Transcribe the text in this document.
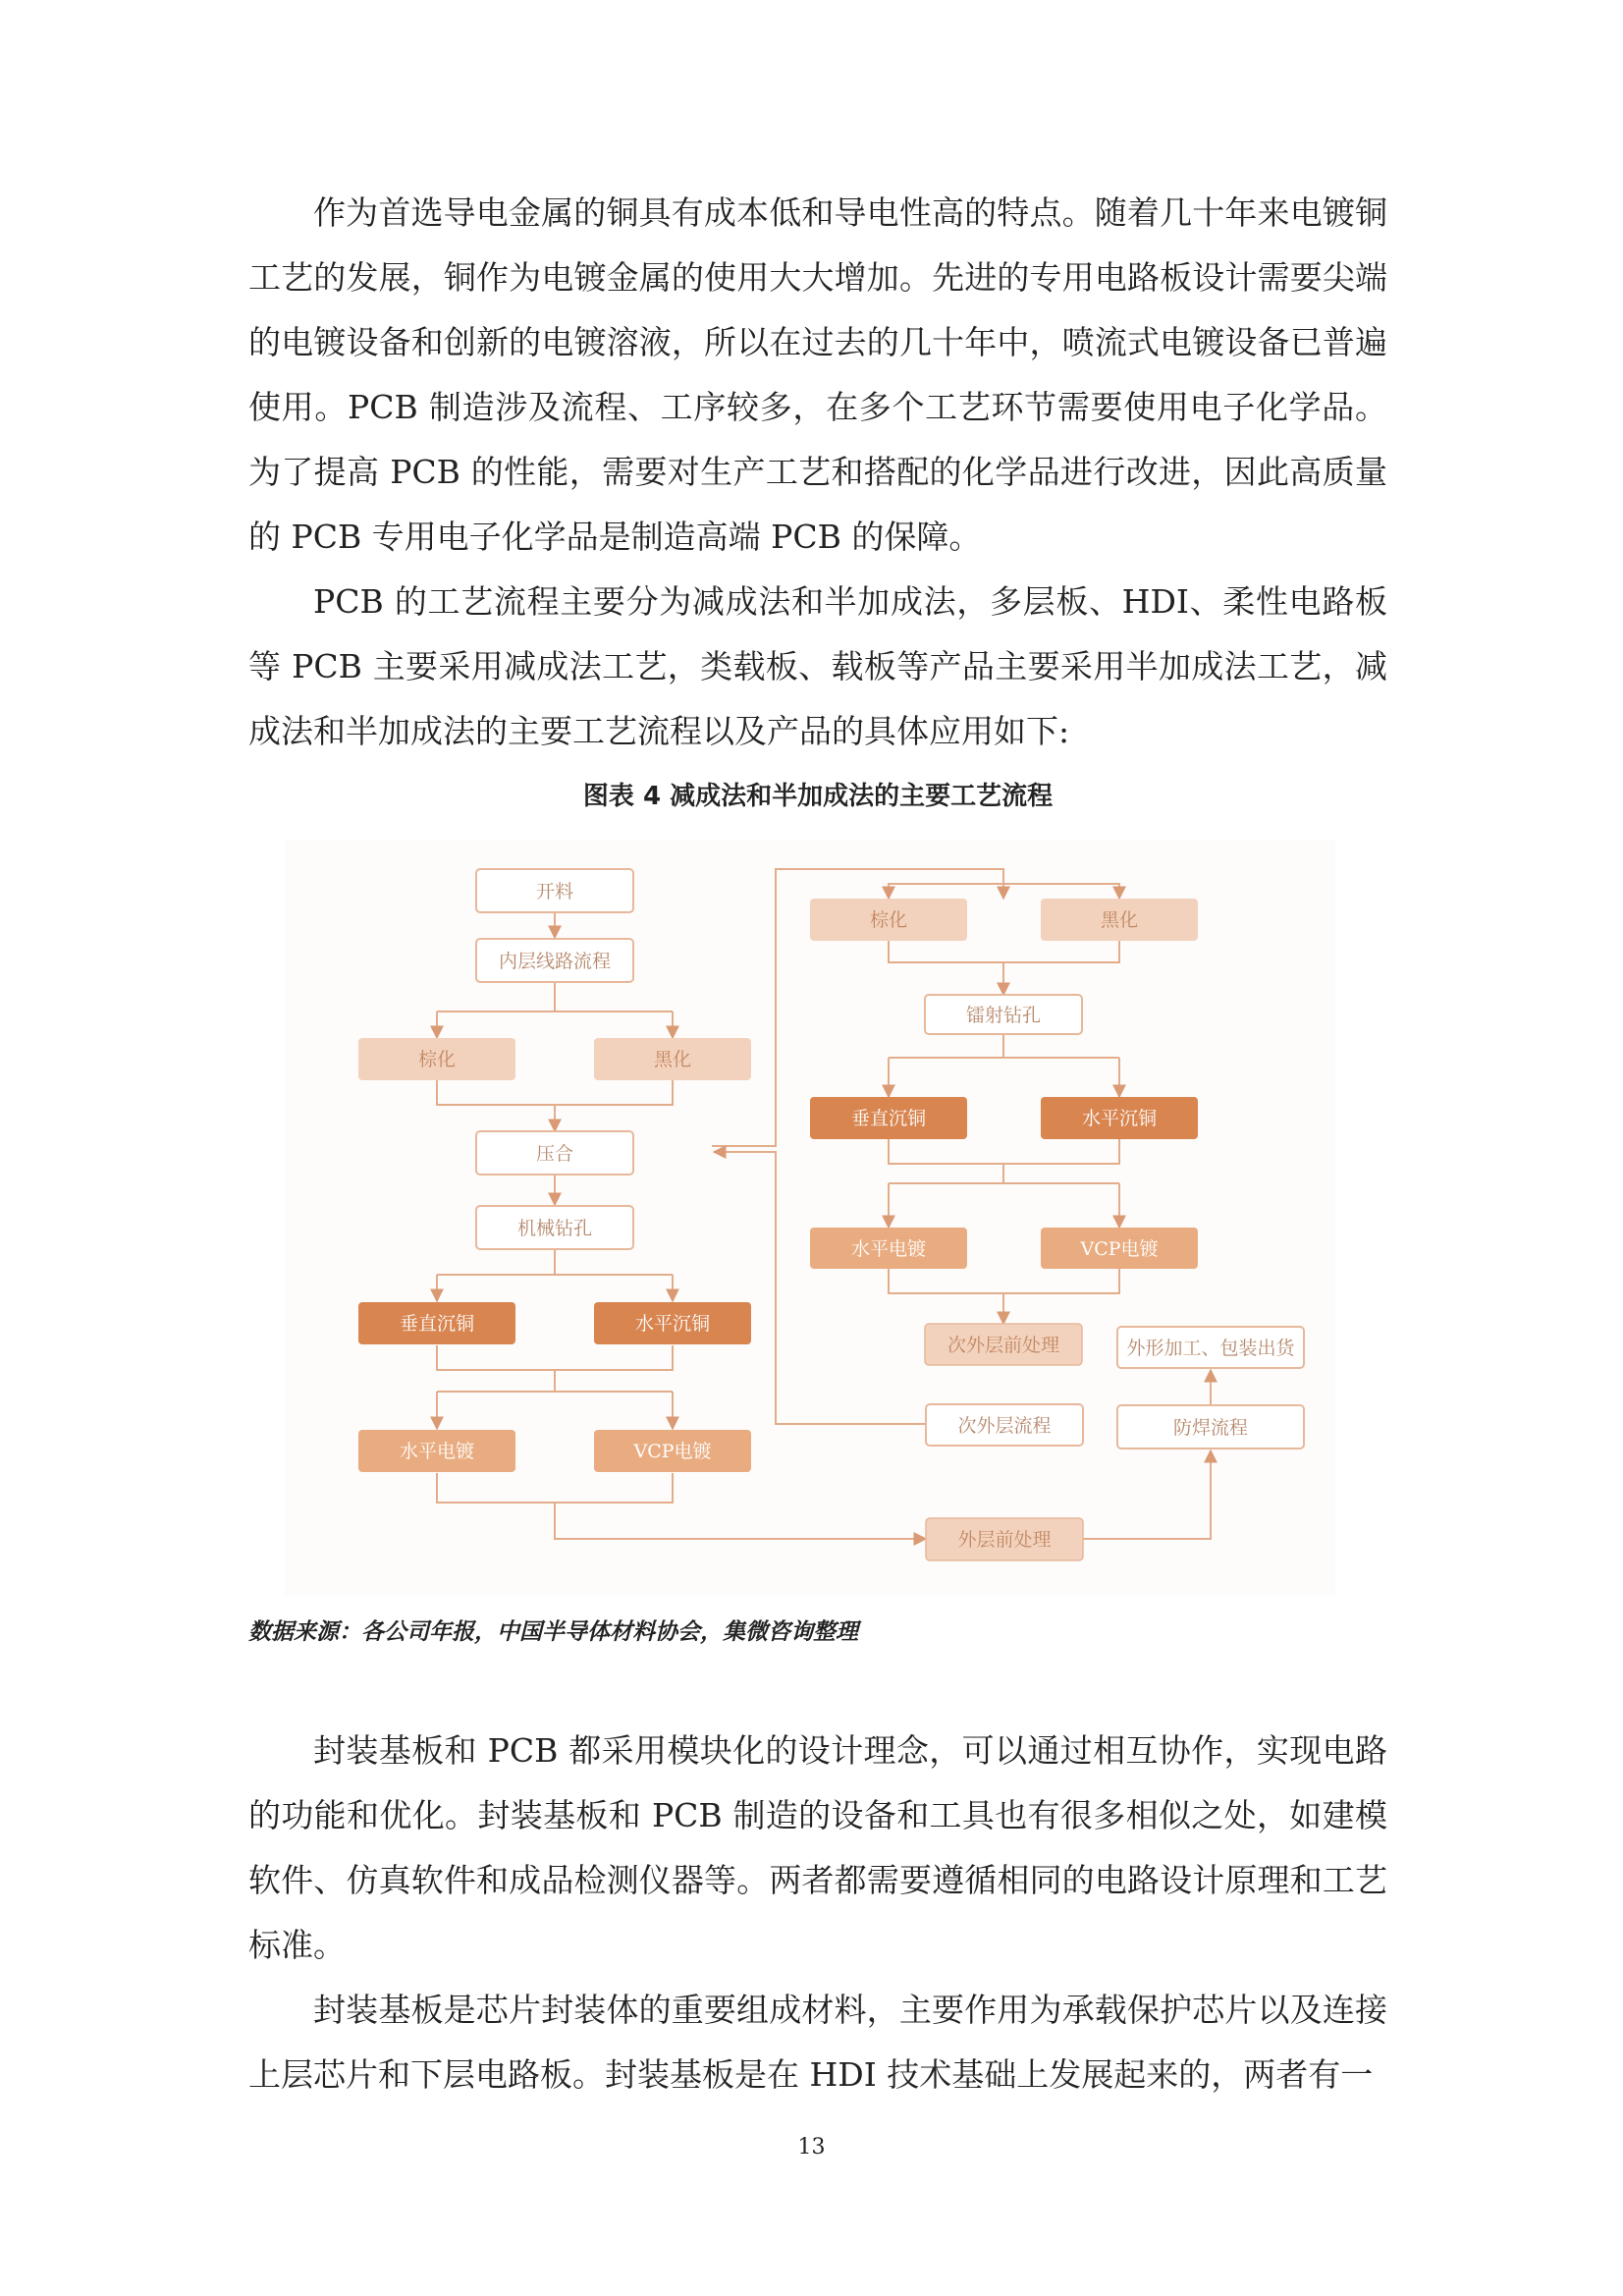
作为首选导电金属的铜具有成本低和导电性高的特点。随着几十年来电镀铜工艺的发展，铜作为电镀金属的使用大大增加。先进的专用电路板设计需要尖端的电镀设备和创新的电镀溶液，所以在过去的几十年中，喷流式电镀设备已普遍使用。PCB 制造涉及流程、工序较多，在多个工艺环节需要使用电子化学品。为了提高 PCB 的性能，需要对生产工艺和搭配的化学品进行改进，因此高质量的 PCB 专用电子化学品是制造高端 PCB 的保障。

PCB 的工艺流程主要分为减成法和半加成法，多层板、HDI、柔性电路板等 PCB 主要采用减成法工艺，类载板、载板等产品主要采用半加成法工艺，减成法和半加成法的主要工艺流程以及产品的具体应用如下:

图表 4 减成法和半加成法的主要工艺流程
开料
内层线路流程
棕化	黑化
压合
机械钻孔
垂直沉铜	水平沉铜
水平电镀	VCP电镀
棕化	黑化
镭射钻孔
垂直沉铜	水平沉铜
水平电镀	VCP电镀
次外层前处理
次外层流程
外层前处理
防焊流程
外形加工、包装出货
数据来源：各公司年报，中国半导体材料协会，集微咨询整理

封装基板和 PCB 都采用模块化的设计理念，可以通过相互协作，实现电路的功能和优化。封装基板和 PCB 制造的设备和工具也有很多相似之处，如建模软件、仿真软件和成品检测仪器等。两者都需要遵循相同的电路设计原理和工艺标准。

封装基板是芯片封装体的重要组成材料，主要作用为承载保护芯片以及连接上层芯片和下层电路板。封装基板是在 HDI 技术基础上发展起来的，两者有一

13
